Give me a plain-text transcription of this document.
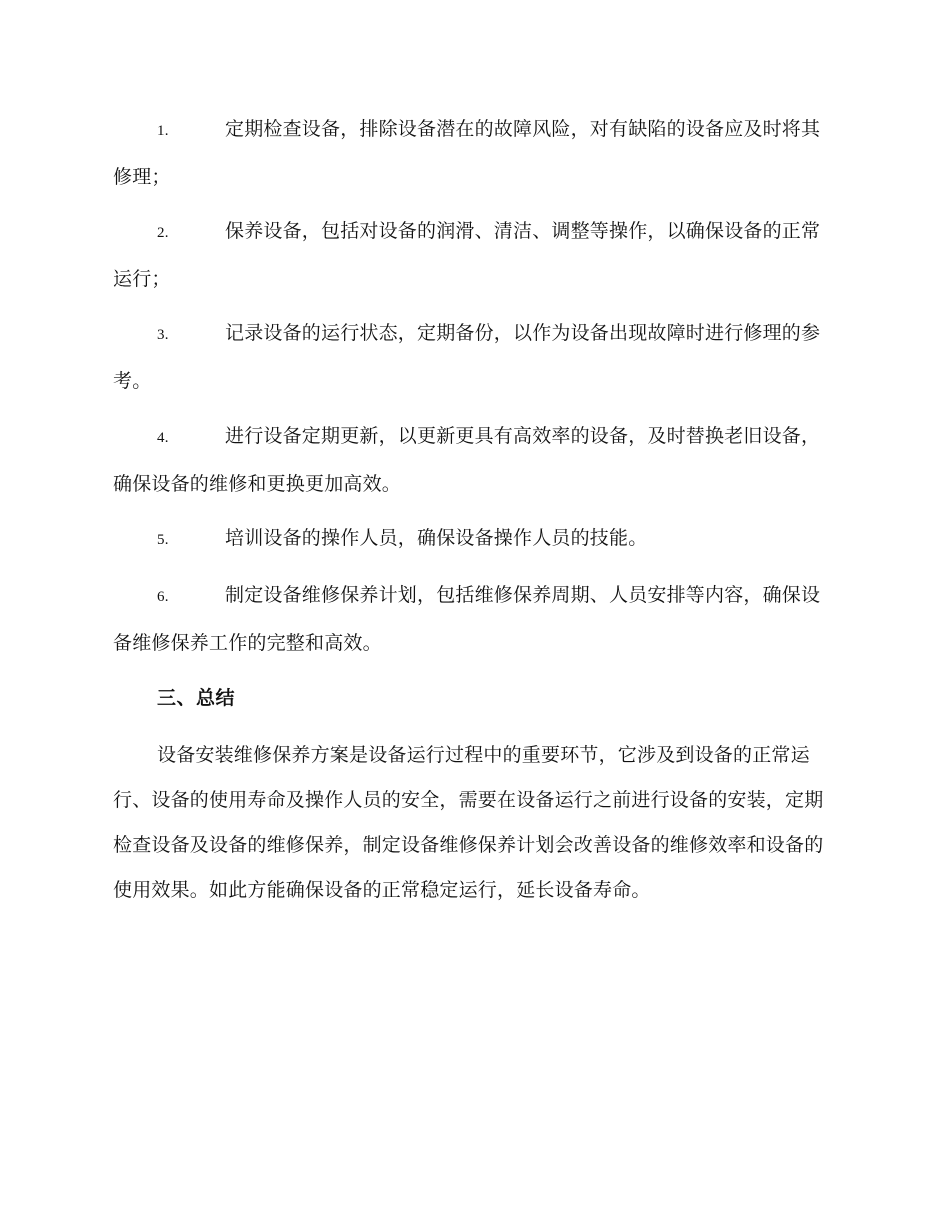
1.	定期检查设备，排除设备潜在的故障风险，对有缺陷的设备应及时将其修理；
2.	保养设备，包括对设备的润滑、清洁、调整等操作，以确保设备的正常运行；
3.	记录设备的运行状态，定期备份，以作为设备出现故障时进行修理的参考。
4.	进行设备定期更新，以更新更具有高效率的设备，及时替换老旧设备，确保设备的维修和更换更加高效。
5.	培训设备的操作人员，确保设备操作人员的技能。
6.	制定设备维修保养计划，包括维修保养周期、人员安排等内容，确保设备维修保养工作的完整和高效。
三、总结
设备安装维修保养方案是设备运行过程中的重要环节，它涉及到设备的正常运行、设备的使用寿命及操作人员的安全，需要在设备运行之前进行设备的安装，定期检查设备及设备的维修保养，制定设备维修保养计划会改善设备的维修效率和设备的使用效果。如此方能确保设备的正常稳定运行，延长设备寿命。
